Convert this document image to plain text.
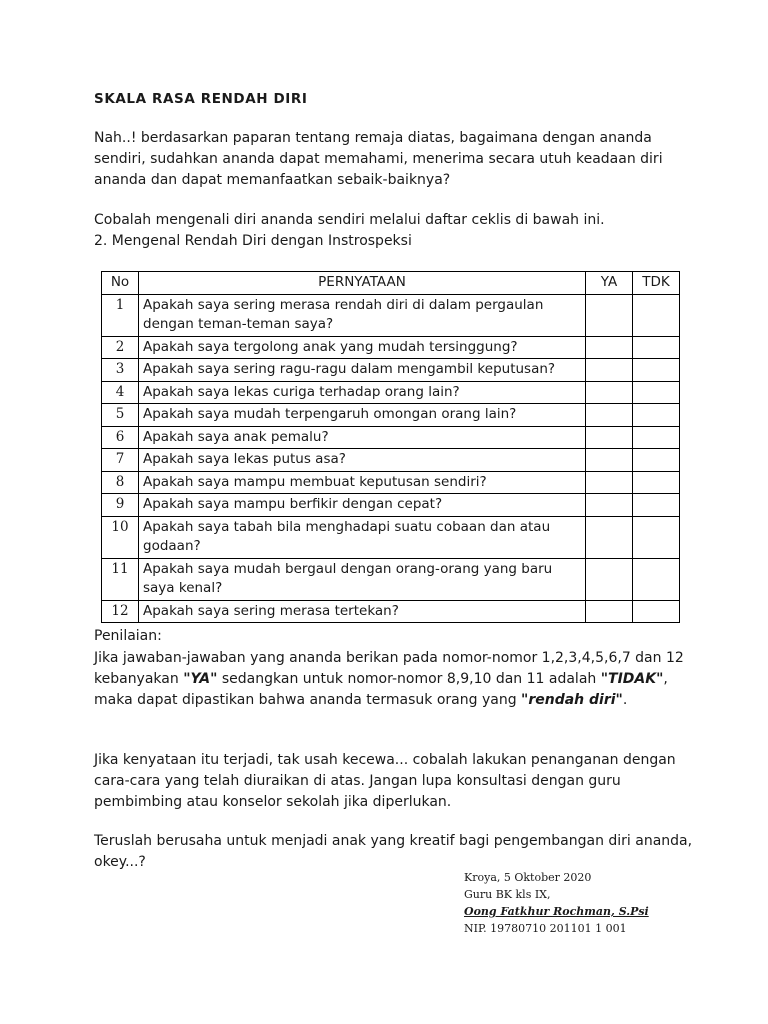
SKALA RASA RENDAH DIRI

Nah..! berdasarkan paparan tentang remaja diatas, bagaimana dengan ananda sendiri, sudahkan ananda dapat memahami, menerima secara utuh keadaan diri ananda dan dapat memanfaatkan sebaik-baiknya?

Cobalah mengenali diri ananda sendiri melalui daftar ceklis di bawah ini.

2. Mengenal Rendah Diri dengan Instrospeksi

No	PERNYATAAN	YA	TDK
1	Apakah saya sering merasa rendah diri di dalam pergaulan dengan teman-teman saya?		
2	Apakah saya tergolong anak yang mudah tersinggung?		
3	Apakah saya sering ragu-ragu dalam mengambil keputusan?		
4	Apakah saya lekas curiga terhadap orang lain?		
5	Apakah saya mudah terpengaruh omongan orang lain?		
6	Apakah saya anak pemalu?		
7	Apakah saya lekas putus asa?		
8	Apakah saya mampu membuat keputusan sendiri?		
9	Apakah saya mampu berfikir dengan cepat?		
10	Apakah saya tabah bila menghadapi suatu cobaan dan atau godaan?		
11	Apakah saya mudah bergaul dengan orang-orang yang baru saya kenal?		
12	Apakah saya sering merasa tertekan?		
Penilaian:

Jika jawaban-jawaban yang ananda berikan pada nomor-nomor 1,2,3,4,5,6,7 dan 12 kebanyakan "YA" sedangkan untuk nomor-nomor 8,9,10 dan 11 adalah "TIDAK", maka dapat dipastikan bahwa ananda termasuk orang yang "rendah diri".

Jika kenyataan itu terjadi, tak usah kecewa... cobalah lakukan penanganan dengan cara-cara yang telah diuraikan di atas. Jangan lupa konsultasi dengan guru pembimbing atau konselor sekolah jika diperlukan.

Teruslah berusaha untuk menjadi anak yang kreatif bagi pengembangan diri ananda, okey...?

Kroya, 5 Oktober 2020
Guru BK kls IX,
Oong Fatkhur Rochman, S.Psi
NIP. 19780710 201101 1 001
